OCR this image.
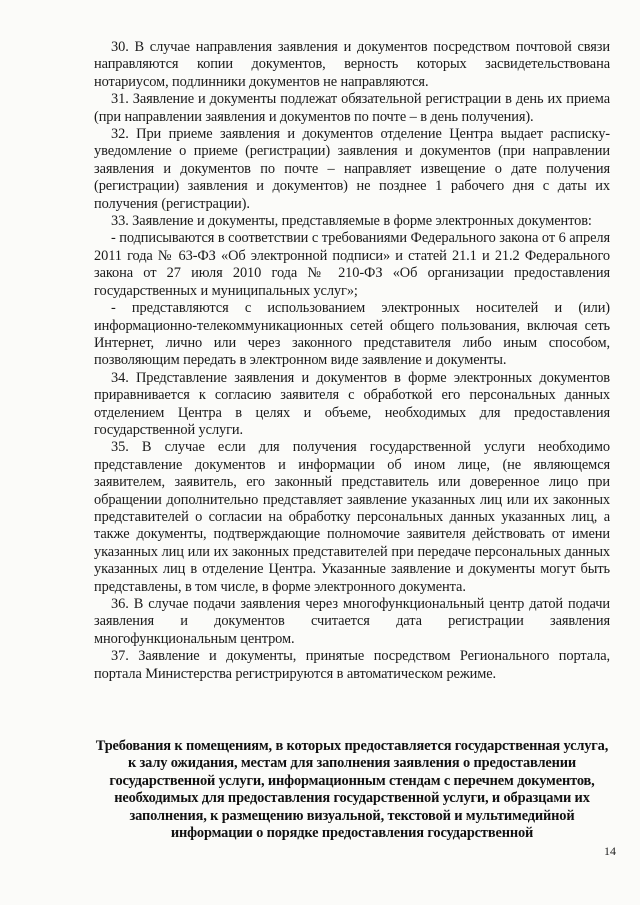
30. В случае направления заявления и документов посредством почтовой связи направляются копии документов, верность которых засвидетельствована нотариусом, подлинники документов не направляются.

31. Заявление и документы подлежат обязательной регистрации в день их приема (при направлении заявления и документов по почте – в день получения).

32. При приеме заявления и документов отделение Центра выдает расписку-уведомление о приеме (регистрации) заявления и документов (при направлении заявления и документов по почте – направляет извещение о дате получения (регистрации) заявления и документов) не позднее 1 рабочего дня с даты их получения (регистрации).

33. Заявление и документы, представляемые в форме электронных документов:

- подписываются в соответствии с требованиями Федерального закона от 6 апреля 2011 года № 63-ФЗ «Об электронной подписи» и статей 21.1 и 21.2 Федерального закона от 27 июля 2010 года № 210-ФЗ «Об организации предоставления государственных и муниципальных услуг»;

- представляются с использованием электронных носителей и (или) информационно-телекоммуникационных сетей общего пользования, включая сеть Интернет, лично или через законного представителя либо иным способом, позволяющим передать в электронном виде заявление и документы.

34. Представление заявления и документов в форме электронных документов приравнивается к согласию заявителя с обработкой его персональных данных отделением Центра в целях и объеме, необходимых для предоставления государственной услуги.

35. В случае если для получения государственной услуги необходимо представление документов и информации об ином лице, (не являющемся заявителем, заявитель, его законный представитель или доверенное лицо при обращении дополнительно представляет заявление указанных лиц или их законных представителей о согласии на обработку персональных данных указанных лиц, а также документы, подтверждающие полномочие заявителя действовать от имени указанных лиц или их законных представителей при передаче персональных данных указанных лиц в отделение Центра. Указанные заявление и документы могут быть представлены, в том числе, в форме электронного документа.

36. В случае подачи заявления через многофункциональный центр датой подачи заявления и документов считается дата регистрации заявления многофункциональным центром.

37. Заявление и документы, принятые посредством Регионального портала, портала Министерства регистрируются в автоматическом режиме.

Требования к помещениям, в которых предоставляется государственная услуга, к залу ожидания, местам для заполнения заявления о предоставлении государственной услуги, информационным стендам с перечнем документов, необходимых для предоставления государственной услуги, и образцами их заполнения, к размещению визуальной, текстовой и мультимедийной информации о порядке предоставления государственной
14
